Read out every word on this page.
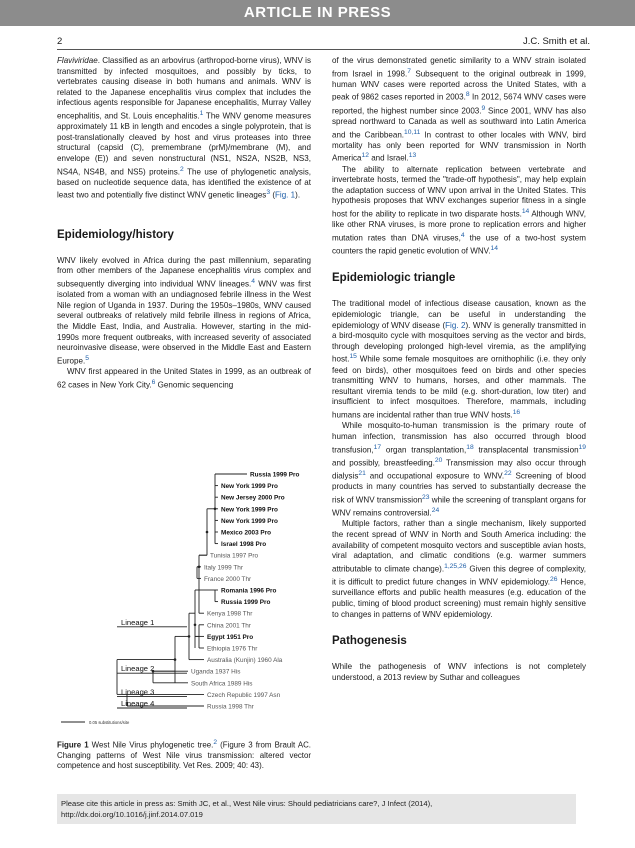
ARTICLE IN PRESS
2	J.C. Smith et al.

Flaviviridae. Classified as an arbovirus (arthropod-borne virus), WNV is transmitted by infected mosquitoes, and possibly by ticks, to vertebrates causing disease in both humans and animals. WNV is related to the Japanese encephalitis virus complex that includes the infectious agents responsible for Japanese encephalitis, Murray Valley encephalitis, and St. Louis encephalitis.$^1$ The WNV genome measures approximately 11 kB in length and encodes a single polyprotein, that is post-translationally cleaved by host and virus proteases into three structural (capsid (C), premembrane (prM)/membrane (M), and envelope (E)) and seven nonstructural (NS1, NS2A, NS2B, NS3, NS4A, NS4B, and NS5) proteins.$^2$ The use of phylogenetic analysis, based on nucleotide sequence data, has identified the existence of at least two and potentially five distinct WNV genetic lineages$^3$ (Fig. 1).

Epidemiology/history

WNV likely evolved in Africa during the past millennium, separating from other members of the Japanese encephalitis virus complex and subsequently diverging into individual WNV lineages.$^4$ WNV was first isolated from a woman with an undiagnosed febrile illness in the West Nile region of Uganda in 1937. During the 1950s–1980s, WNV caused several outbreaks of relatively mild febrile illness in regions of Africa, the Middle East, India, and Australia. However, starting in the mid-1990s more frequent outbreaks, with increased severity of associated neuroinvasive disease, were observed in the Middle East and Eastern Europe.$^5$

WNV first appeared in the United States in 1999, as an outbreak of 62 cases in New York City.$^6$ Genomic sequencing

Russia 1999 Pro
New York 1999 Pro
New Jersey 2000 Pro
New York 1999 Pro
New York 1999 Pro
Mexico 2003 Pro
Israel 1998 Pro
Tunisia 1997 Pro
Italy 1999 Thr
France 2000 Thr
Romania 1996 Pro
Russia 1999 Pro
Kenya 1998 Thr
China 2001 Thr
Egypt 1951 Pro
Ethiopia 1976 Thr
Australia (Kunjin) 1960 Ala
Uganda 1937 His
South Africa 1989 His
Czech Republic 1997 Asn
Russia 1998 Thr
Lineage 1
Lineage 2
Lineage 3
Lineage 4
0.05 substitutions/site
Figure 1 West Nile Virus phylogenetic tree.$^2$ (Figure 3 from Brault AC. Changing patterns of West Nile virus transmission: altered vector competence and host susceptibility. Vet Res. 2009; 40: 43).

of the virus demonstrated genetic similarity to a WNV strain isolated from Israel in 1998.$^7$ Subsequent to the original outbreak in 1999, human WNV cases were reported across the United States, with a peak of 9862 cases reported in 2003.$^8$ In 2012, 5674 WNV cases were reported, the highest number since 2003.$^9$ Since 2001, WNV has also spread northward to Canada as well as southward into Latin America and the Caribbean.$^{10,11}$ In contrast to other locales with WNV, bird mortality has only been reported for WNV transmission in North America$^{12}$ and Israel.$^{13}$

The ability to alternate replication between vertebrate and invertebrate hosts, termed the "trade-off hypothesis", may help explain the adaptation success of WNV upon arrival in the United States. This hypothesis proposes that WNV exchanges superior fitness in a single host for the ability to replicate in two disparate hosts.$^{14}$ Although WNV, like other RNA viruses, is more prone to replication errors and higher mutation rates than DNA viruses,$^4$ the use of a two-host system counters the rapid genetic evolution of WNV.$^{14}$

Epidemiologic triangle

The traditional model of infectious disease causation, known as the epidemiologic triangle, can be useful in understanding the epidemiology of WNV disease (Fig. 2). WNV is generally transmitted in a bird-mosquito cycle with mosquitoes serving as the vector and birds, through developing prolonged high-level viremia, as the amplifying host.$^{15}$ While some female mosquitoes are ornithophilic (i.e. they only feed on birds), other mosquitoes feed on birds and other species transmitting WNV to humans, horses, and other mammals. The resultant viremia tends to be mild (e.g. short-duration, low titer) and insufficient to infect mosquitoes. Therefore, mammals, including humans are incidental rather than true WNV hosts.$^{16}$

While mosquito-to-human transmission is the primary route of human infection, transmission has also occurred through blood transfusion,$^{17}$ organ transplantation,$^{18}$ transplacental transmission$^{19}$ and possibly, breastfeeding.$^{20}$ Transmission may also occur through dialysis$^{21}$ and occupational exposure to WNV.$^{22}$ Screening of blood products in many countries has served to substantially decrease the risk of WNV transmission$^{23}$ while the screening of transplant organs for WNV remains controversial.$^{24}$

Multiple factors, rather than a single mechanism, likely supported the recent spread of WNV in North and South America including: the availability of competent mosquito vectors and susceptible avian hosts, viral adaptation, and climatic conditions (e.g. warmer summers attributable to climate change).$^{1,25,26}$ Given this degree of complexity, it is difficult to predict future changes in WNV epidemiology.$^{26}$ Hence, surveillance efforts and public health measures (e.g. education of the public, timing of blood product screening) must remain highly sensitive to changes in patterns of WNV epidemiology.

Pathogenesis

While the pathogenesis of WNV infections is not completely understood, a 2013 review by Suthar and colleagues

Please cite this article in press as: Smith JC, et al., West Nile virus: Should pediatricians care?, J Infect (2014), http://dx.doi.org/10.1016/j.jinf.2014.07.019
